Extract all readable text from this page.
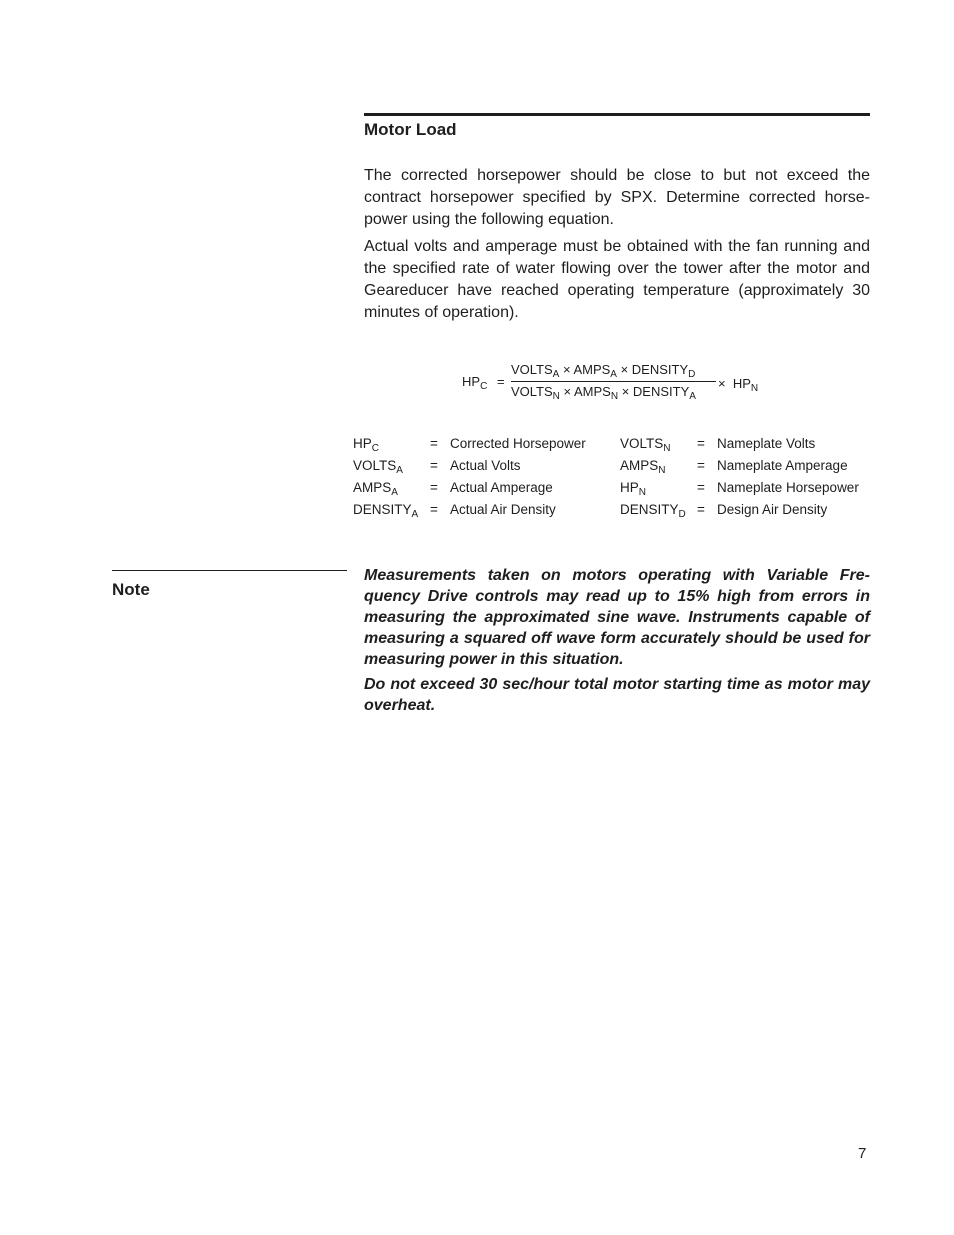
Motor Load

The corrected horsepower should be close to but not exceed the contract horsepower specified by SPX. Determine corrected horse-power using the following equation.

Actual volts and amperage must be obtained with the fan running and the specified rate of water flowing over the tower after the motor and Geareducer have reached operating temperature (approximately 30 minutes of operation).

$HP_C$ =
$VOLTS_A$ × $AMPS_A$ × $DENSITY_D$
$VOLTS_N$ × $AMPS_N$ × $DENSITY_A$
× $HP_N$
$HP_C$	= Corrected Horsepower
$VOLTS_A$ = Actual Volts
$AMPS_A$ = Actual Amperage
$DENSITY_A$ = Actual Air Density
$VOLTS_N$ = Nameplate Volts
$AMPS_N$ = Nameplate Amperage
$HP_N$	= Nameplate Horsepower
$DENSITY_D$ = Design Air Density
Note

Measurements taken on motors operating with Variable Fre-quency Drive controls may read up to 15% high from errors in measuring the approximated sine wave. Instruments capable of measuring a squared off wave form accurately should be used for measuring power in this situation.

Do not exceed 30 sec/hour total motor starting time as motor may overheat.

7
